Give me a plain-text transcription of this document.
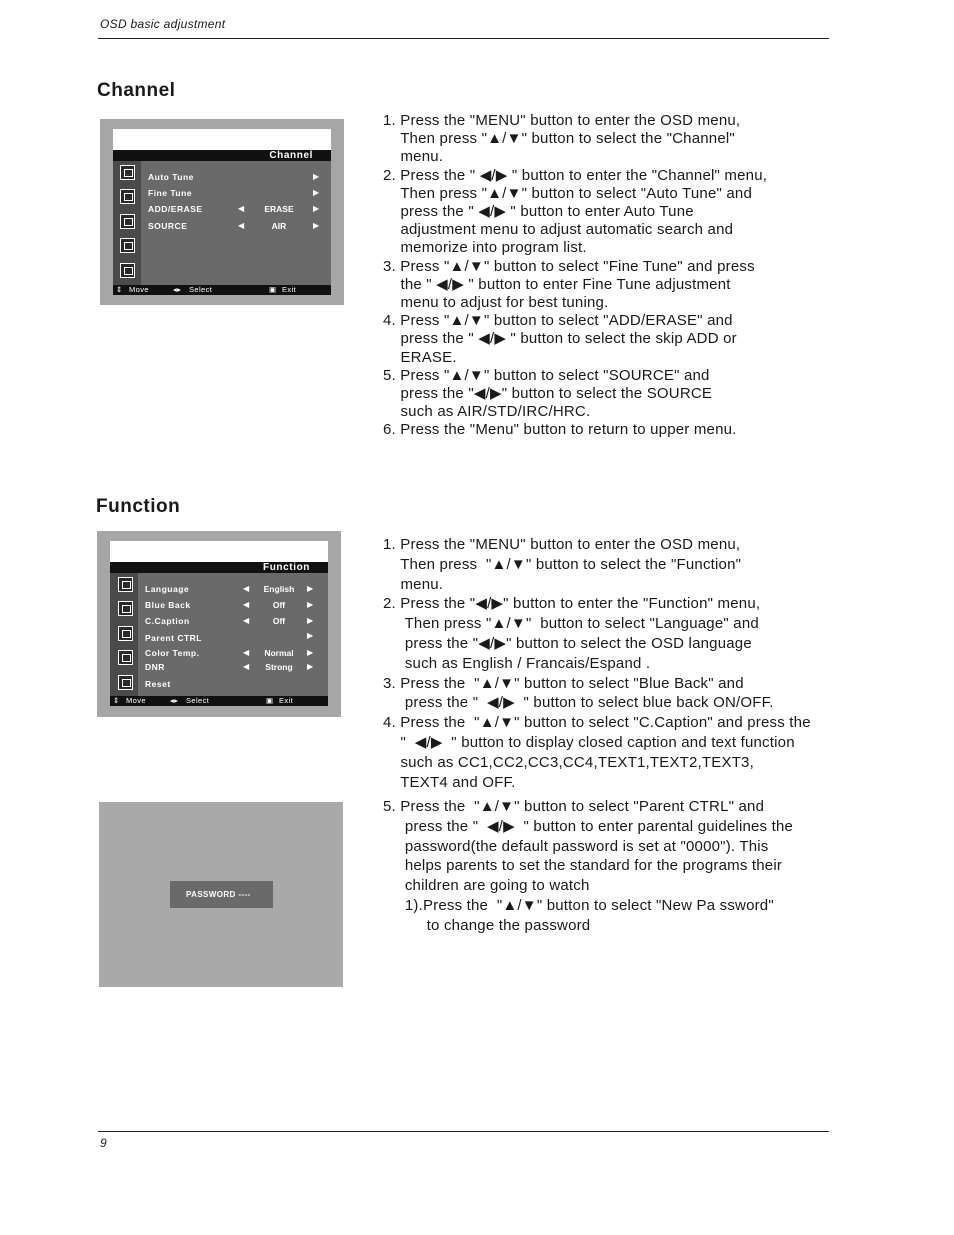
OSD basic adjustment
Channel
Channel
Auto Tune	▶
Fine Tune	▶
ADD/ERASE	◀	ERASE	▶
SOURCE	◀	AIR	▶
⇕ Move	◂▸ Select	▣ Exit
1. Press the "MENU" button to enter the OSD menu,
Then press "▲/▼" button to select the "Channel"
menu.
2. Press the " ◀/▶ " button to enter the "Channel" menu,
Then press "▲/▼" button to select "Auto Tune" and
press the " ◀/▶ " button to enter Auto Tune
adjustment menu to adjust automatic search and
memorize into program list.
3. Press "▲/▼" button to select "Fine Tune" and press
the " ◀/▶ " button to enter Fine Tune adjustment
menu to adjust for best tuning.
4. Press "▲/▼" button to select "ADD/ERASE" and
press the " ◀/▶ " button to select the skip ADD or
ERASE.
5. Press "▲/▼" button to select "SOURCE" and
press the "◀/▶" button to select the SOURCE
such as AIR/STD/IRC/HRC.
6. Press the "Menu" button to return to upper menu.
Function
Function
Language	◀	English	▶
Blue Back	◀	Off	▶
C.Caption	◀	Off	▶
Parent CTRL	▶
Color Temp.	◀	Normal	▶
DNR	◀	Strong	▶
Reset
⇕ Move	◂▸ Select	▣ Exit
1. Press the "MENU" button to enter the OSD menu,
Then press  "▲/▼" button to select the "Function"
menu.
2. Press the "◀/▶" button to enter the "Function" menu,
Then press "▲/▼"  button to select "Language" and
press the "◀/▶" button to select the OSD language
such as English / Francais/Espand .
3. Press the  "▲/▼" button to select "Blue Back" and
press the "  ◀/▶  " button to select blue back ON/OFF.
4. Press the  "▲/▼" button to select "C.Caption" and press the
"  ◀/▶  " button to display closed caption and text function
such as CC1,CC2,CC3,CC4,TEXT1,TEXT2,TEXT3,
TEXT4 and OFF.
PASSWORD ----
5. Press the  "▲/▼" button to select "Parent CTRL" and
press the "  ◀/▶  " button to enter parental guidelines the
password(the default password is set at "0000"). This
helps parents to set the standard for the programs their
children are going to watch
1).Press the  "▲/▼" button to select "New Pa ssword"
to change the password
9
